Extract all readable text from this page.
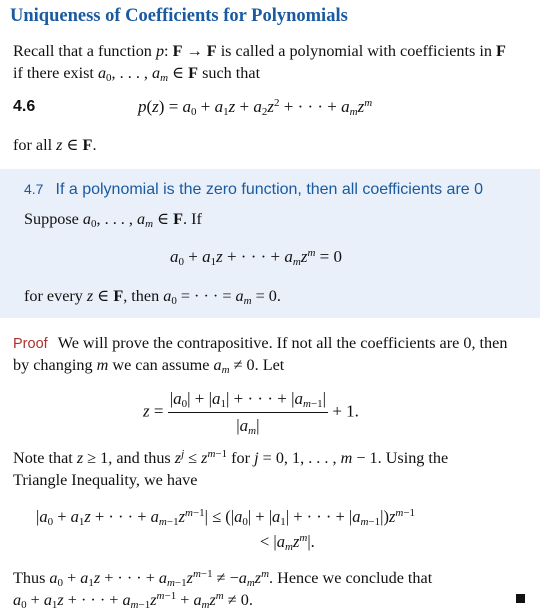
Uniqueness of Coefficients for Polynomials
Recall that a function p: F → F is called a polynomial with coefficients in F
if there exist $a_0$, . . . , $a_m$ ∈ F such that
4.6	$p(z) = a_0 + a_1z + a_2z^2$ + · · · + $a_mz^m$
for all z ∈ F.
4.7 If a polynomial is the zero function, then all coefficients are 0
Suppose $a_0$, . . . , $a_m$ ∈ F. If
$a_0 + a_1z$ + · · · + $a_mz^m = 0$
for every z ∈ F, then $a_0$ = · · · = $a_m = 0$.
Proof We will prove the contrapositive. If not all the coefficients are 0, then
by changing m we can assume $a_m \ne 0$. Let
$z = \frac{|a_0| + |a_1| + \cdot \cdot \cdot + |a_{m-1}|}{|a_m|} + 1$.
Note that z ≥ 1, and thus $z^j \le z^{m-1}$ for j = 0, 1, . . . , m − 1. Using the
Triangle Inequality, we have
$|a_0 + a_1z$ + · · · + $a_{m-1}z^{m-1}| \le (|a_0| + |a_1|$ + · · · + $|a_{m-1}|)z^{m-1}$
< $|a_mz^m|$.
Thus $a_0 + a_1z$ + · · · + $a_{m-1}z^{m-1} \ne -a_mz^m$. Hence we conclude that
$a_0 + a_1z$ + · · · + $a_{m-1}z^{m-1} + a_mz^m \ne 0$.
